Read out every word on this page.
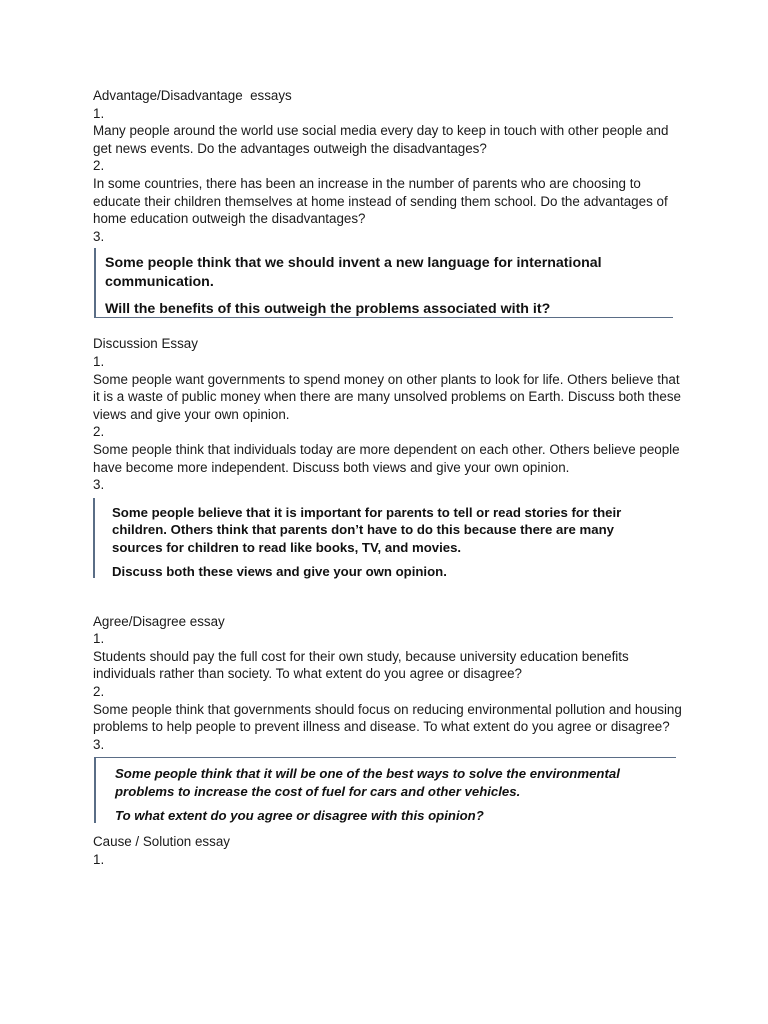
Advantage/Disadvantage  essays

1.

Many people around the world use social media every day to keep in touch with other people and get news events. Do the advantages outweigh the disadvantages?

2.

In some countries, there has been an increase in the number of parents who are choosing to educate their children themselves at home instead of sending them school. Do the advantages of home education outweigh the disadvantages?

3.

Some people think that we should invent a new language for international communication.

Will the benefits of this outweigh the problems associated with it?

Discussion Essay

1.

Some people want governments to spend money on other plants to look for life. Others believe that it is a waste of public money when there are many unsolved problems on Earth. Discuss both these views and give your own opinion.

2.

Some people think that individuals today are more dependent on each other. Others believe people have become more independent. Discuss both views and give your own opinion.

3.

Some people believe that it is important for parents to tell or read stories for their children. Others think that parents don’t have to do this because there are many sources for children to read like books, TV, and movies.

Discuss both these views and give your own opinion.

Agree/Disagree essay

1.

Students should pay the full cost for their own study, because university education benefits individuals rather than society. To what extent do you agree or disagree?

2.

Some people think that governments should focus on reducing environmental pollution and housing problems to help people to prevent illness and disease. To what extent do you agree or disagree?

3.

Some people think that it will be one of the best ways to solve the environmental problems to increase the cost of fuel for cars and other vehicles.

To what extent do you agree or disagree with this opinion?

Cause / Solution essay

1.
